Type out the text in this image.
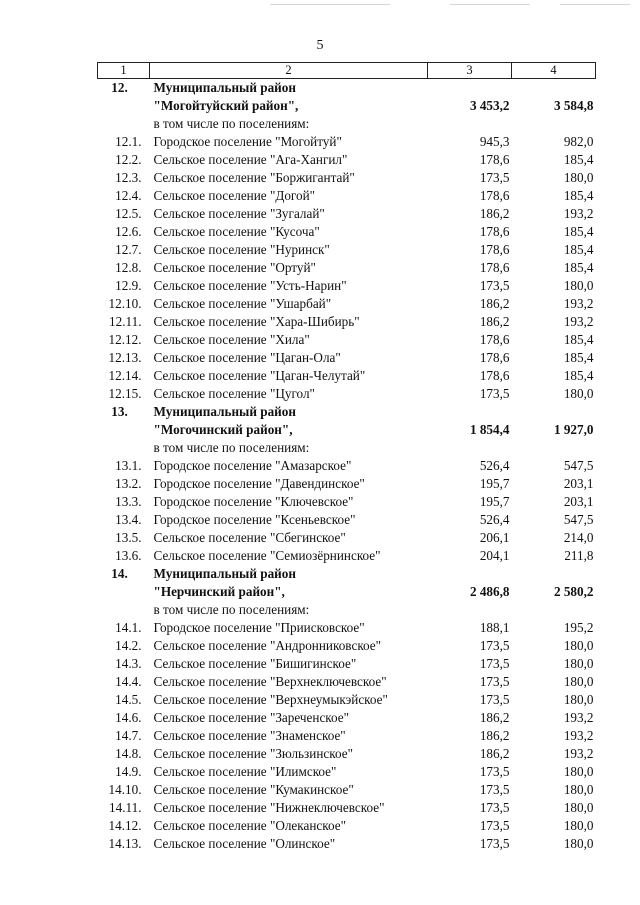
5
1	2	3	4
12.	Муниципальный район		
	"Могойтуйский район",	3 453,2	3 584,8
	в том числе по поселениям:		
12.1.	Городское поселение "Могойтуй"	945,3	982,0
12.2.	Сельское поселение "Ага-Хангил"	178,6	185,4
12.3.	Сельское поселение "Боржигантай"	173,5	180,0
12.4.	Сельское поселение "Догой"	178,6	185,4
12.5.	Сельское поселение "Зугалай"	186,2	193,2
12.6.	Сельское поселение "Кусоча"	178,6	185,4
12.7.	Сельское поселение "Нуринск"	178,6	185,4
12.8.	Сельское поселение "Ортуй"	178,6	185,4
12.9.	Сельское поселение "Усть-Нарин"	173,5	180,0
12.10.	Сельское поселение "Ушарбай"	186,2	193,2
12.11.	Сельское поселение "Хара-Шибирь"	186,2	193,2
12.12.	Сельское поселение "Хила"	178,6	185,4
12.13.	Сельское поселение "Цаган-Ола"	178,6	185,4
12.14.	Сельское поселение "Цаган-Челутай"	178,6	185,4
12.15.	Сельское поселение "Цугол"	173,5	180,0
13.	Муниципальный район		
	"Могочинский район",	1 854,4	1 927,0
	в том числе по поселениям:		
13.1.	Городское поселение "Амазарское"	526,4	547,5
13.2.	Городское поселение "Давендинское"	195,7	203,1
13.3.	Городское поселение "Ключевское"	195,7	203,1
13.4.	Городское поселение "Ксеньевское"	526,4	547,5
13.5.	Сельское поселение "Сбегинское"	206,1	214,0
13.6.	Сельское поселение "Семиозёрнинское"	204,1	211,8
14.	Муниципальный район		
	"Нерчинский район",	2 486,8	2 580,2
	в том числе по поселениям:		
14.1.	Городское поселение "Приисковское"	188,1	195,2
14.2.	Сельское поселение "Андронниковское"	173,5	180,0
14.3.	Сельское поселение "Бишигинское"	173,5	180,0
14.4.	Сельское поселение "Верхнеключевское"	173,5	180,0
14.5.	Сельское поселение "Верхнеумыкэйское"	173,5	180,0
14.6.	Сельское поселение "Зареченское"	186,2	193,2
14.7.	Сельское поселение "Знаменское"	186,2	193,2
14.8.	Сельское поселение "Зюльзинское"	186,2	193,2
14.9.	Сельское поселение "Илимское"	173,5	180,0
14.10.	Сельское поселение "Кумакинское"	173,5	180,0
14.11.	Сельское поселение "Нижнеключевское"	173,5	180,0
14.12.	Сельское поселение "Олеканское"	173,5	180,0
14.13.	Сельское поселение "Олинское"	173,5	180,0
